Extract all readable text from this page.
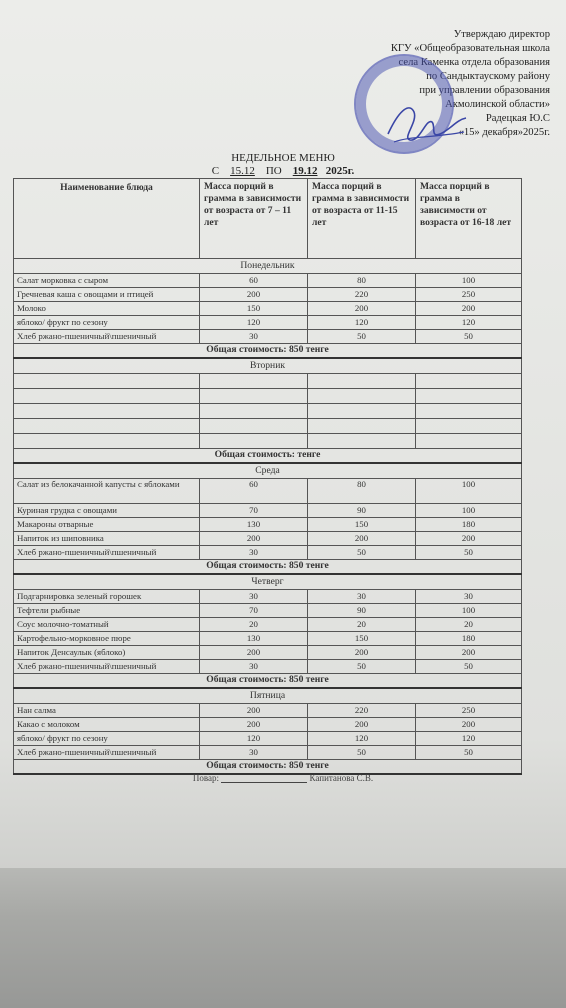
Утверждаю директор
КГУ «Общеобразовательная школа
села Каменка отдела образования
по Сандыктаускому району
при управлении образования
Акмолинской области»
Радецкая Ю.С
«15» декабря»2025г.
НЕДЕЛЬНОЕ МЕНЮ
С 15.12 ПО 19.12 2025г.
Наименование блюда	Масса порций в грамма в зависимости от возраста от 7 – 11 лет	Масса порций в грамма в зависимости от возраста от 11-15 лет	Масса порций в грамма в зависимости от возраста от 16-18 лет
Понедельник			
Салат морковка с сыром	60	80	100
Гречневая каша с овощами и птицей	200	220	250
Молоко	150	200	200
яблоко/ фрукт по сезону	120	120	120
Хлеб ржано-пшеничный\пшеничный	30	50	50
Общая стоимость: 850 тенге			
Вторник			

Общая стоимость: тенге			
Среда			
Салат из белокачанной капусты с яблоками	60	80	100
Куриная грудка с овощами	70	90	100
Макароны отварные	130	150	180
Напиток из шиповника	200	200	200
Хлеб ржано-пшеничный\пшеничный	30	50	50
Общая стоимость: 850 тенге			
Четверг			
Подгарнировка зеленый горошек	30	30	30
Тефтели рыбные	70	90	100
Соус молочно-томатный	20	20	20
Картофельно-морковное пюре	130	150	180
Напиток Денсаулык (яблоко)	200	200	200
Хлеб ржано-пшеничный\пшеничный	30	50	50
Общая стоимость: 850 тенге			
Пятница			
Нан салма	200	220	250
Какао с молоком	200	200	200
яблоко/ фрукт по сезону	120	120	120
Хлеб ржано-пшеничный\пшеничный	30	50	50
Общая стоимость: 850 тенге			
Повар:	Капитанова С.В.
